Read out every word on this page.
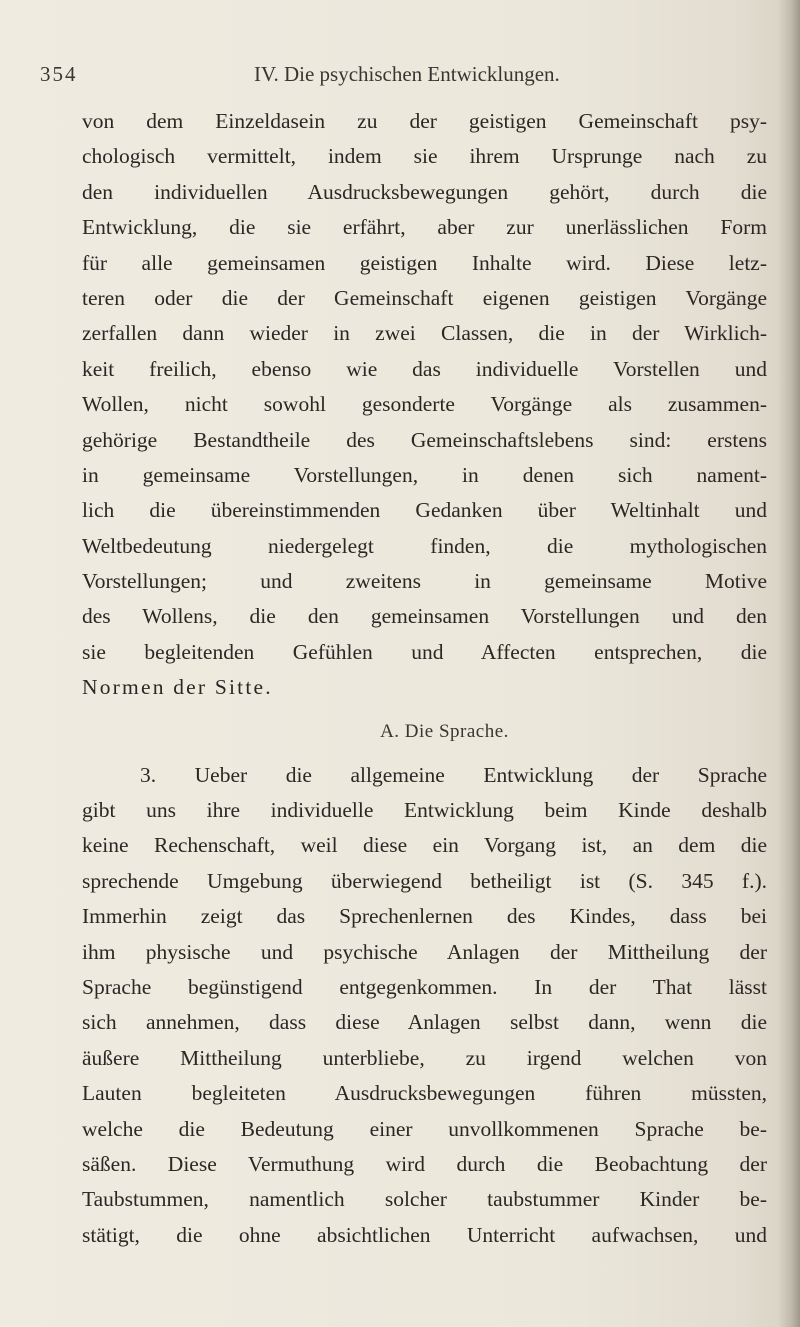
354	IV. Die psychischen Entwicklungen.
von dem Einzeldasein zu der geistigen Gemeinschaft psy-
chologisch vermittelt, indem sie ihrem Ursprunge nach zu
den individuellen Ausdrucksbewegungen gehört, durch die
Entwicklung, die sie erfährt, aber zur unerlässlichen Form
für alle gemeinsamen geistigen Inhalte wird. Diese letz-
teren oder die der Gemeinschaft eigenen geistigen Vorgänge
zerfallen dann wieder in zwei Classen, die in der Wirklich-
keit freilich, ebenso wie das individuelle Vorstellen und
Wollen, nicht sowohl gesonderte Vorgänge als zusammen-
gehörige Bestandtheile des Gemeinschaftslebens sind: erstens
in gemeinsame Vorstellungen, in denen sich nament-
lich die übereinstimmenden Gedanken über Weltinhalt und
Weltbedeutung niedergelegt finden, die mythologischen
Vorstellungen; und zweitens in gemeinsame Motive
des Wollens, die den gemeinsamen Vorstellungen und den
sie begleitenden Gefühlen und Affecten entsprechen, die
Normen der Sitte.
A. Die Sprache.
3. Ueber die allgemeine Entwicklung der Sprache
gibt uns ihre individuelle Entwicklung beim Kinde deshalb
keine Rechenschaft, weil diese ein Vorgang ist, an dem die
sprechende Umgebung überwiegend betheiligt ist (S. 345 f.).
Immerhin zeigt das Sprechenlernen des Kindes, dass bei
ihm physische und psychische Anlagen der Mittheilung der
Sprache begünstigend entgegenkommen. In der That lässt
sich annehmen, dass diese Anlagen selbst dann, wenn die
äußere Mittheilung unterbliebe, zu irgend welchen von
Lauten begleiteten Ausdrucksbewegungen führen müssten,
welche die Bedeutung einer unvollkommenen Sprache be-
säßen. Diese Vermuthung wird durch die Beobachtung der
Taubstummen, namentlich solcher taubstummer Kinder be-
stätigt, die ohne absichtlichen Unterricht aufwachsen, und
